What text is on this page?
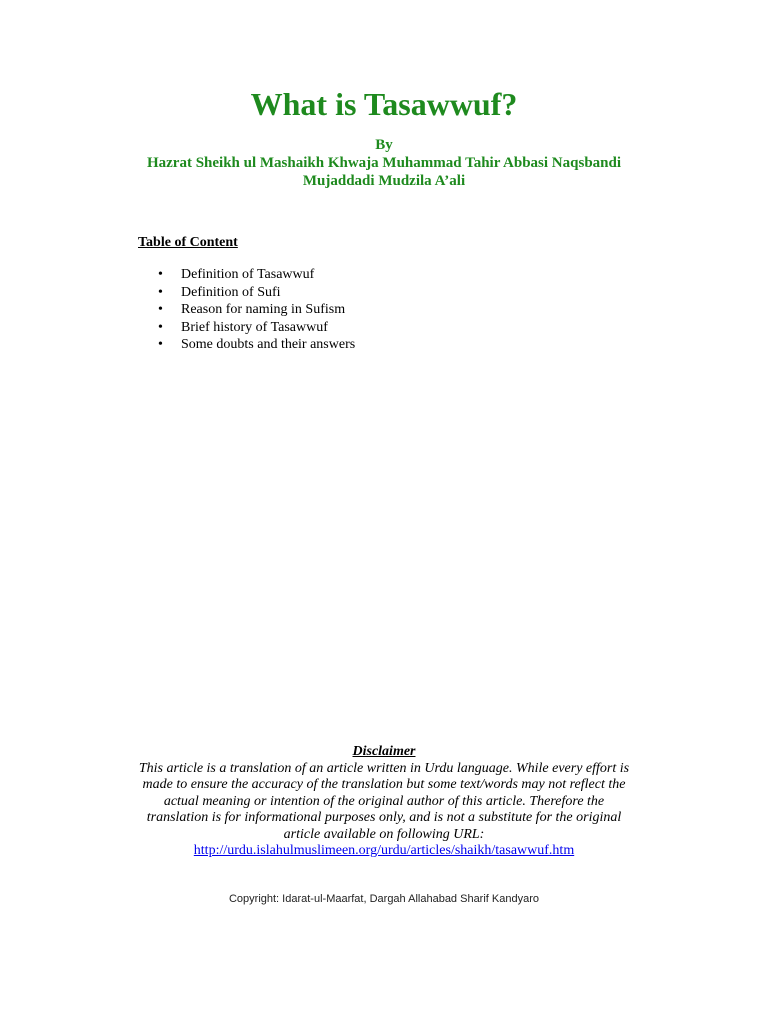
What is Tasawwuf?
By
Hazrat Sheikh ul Mashaikh Khwaja Muhammad Tahir Abbasi Naqsbandi
Mujaddadi Mudzila A’ali
Table of Content
• Definition of Tasawwuf
• Definition of Sufi
• Reason for naming in Sufism
• Brief history of Tasawwuf
• Some doubts and their answers
Disclaimer
This article is a translation of an article written in Urdu language. While every effort is made to ensure the accuracy of the translation but some text/words may not reflect the actual meaning or intention of the original author of this article. Therefore the translation is for informational purposes only, and is not a substitute for the original article available on following URL:
http://urdu.islahulmuslimeen.org/urdu/articles/shaikh/tasawwuf.htm
Copyright: Idarat-ul-Maarfat, Dargah Allahabad Sharif Kandyaro
